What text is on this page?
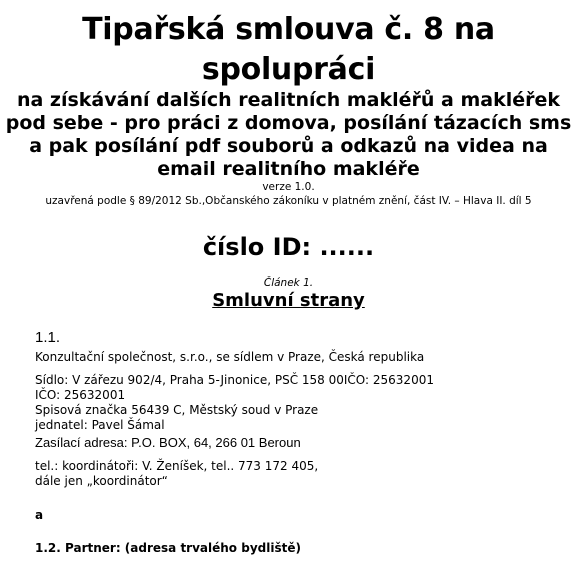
Tipařská smlouva č. 8 na
spolupráci
na získávání dalších realitních makléřů a makléřek
pod sebe - pro práci z domova, posílání tázacích sms
a pak posílání pdf souborů a odkazů na videa na
email realitního makléře
verze 1.0.
uzavřená podle § 89/2012 Sb.,Občanského zákoníku v platném znění, část IV. – Hlava II. díl 5
číslo ID: ......
Článek 1.
Smluvní strany
1.1.
Konzultační společnost, s.r.o., se sídlem v Praze, Česká republika
Sídlo: V zářezu 902/4, Praha 5-Jinonice, PSČ 158 00IČO: 25632001
IČO: 25632001
Spisová značka 56439 C, Městský soud v Praze
jednatel: Pavel Šámal
Zasílací adresa: P.O. BOX, 64, 266 01 Beroun
tel.: koordinátoři: V. Ženíšek, tel.. 773 172 405,
dále jen „koordinátor“
a
1.2. Partner: (adresa trvalého bydliště)
